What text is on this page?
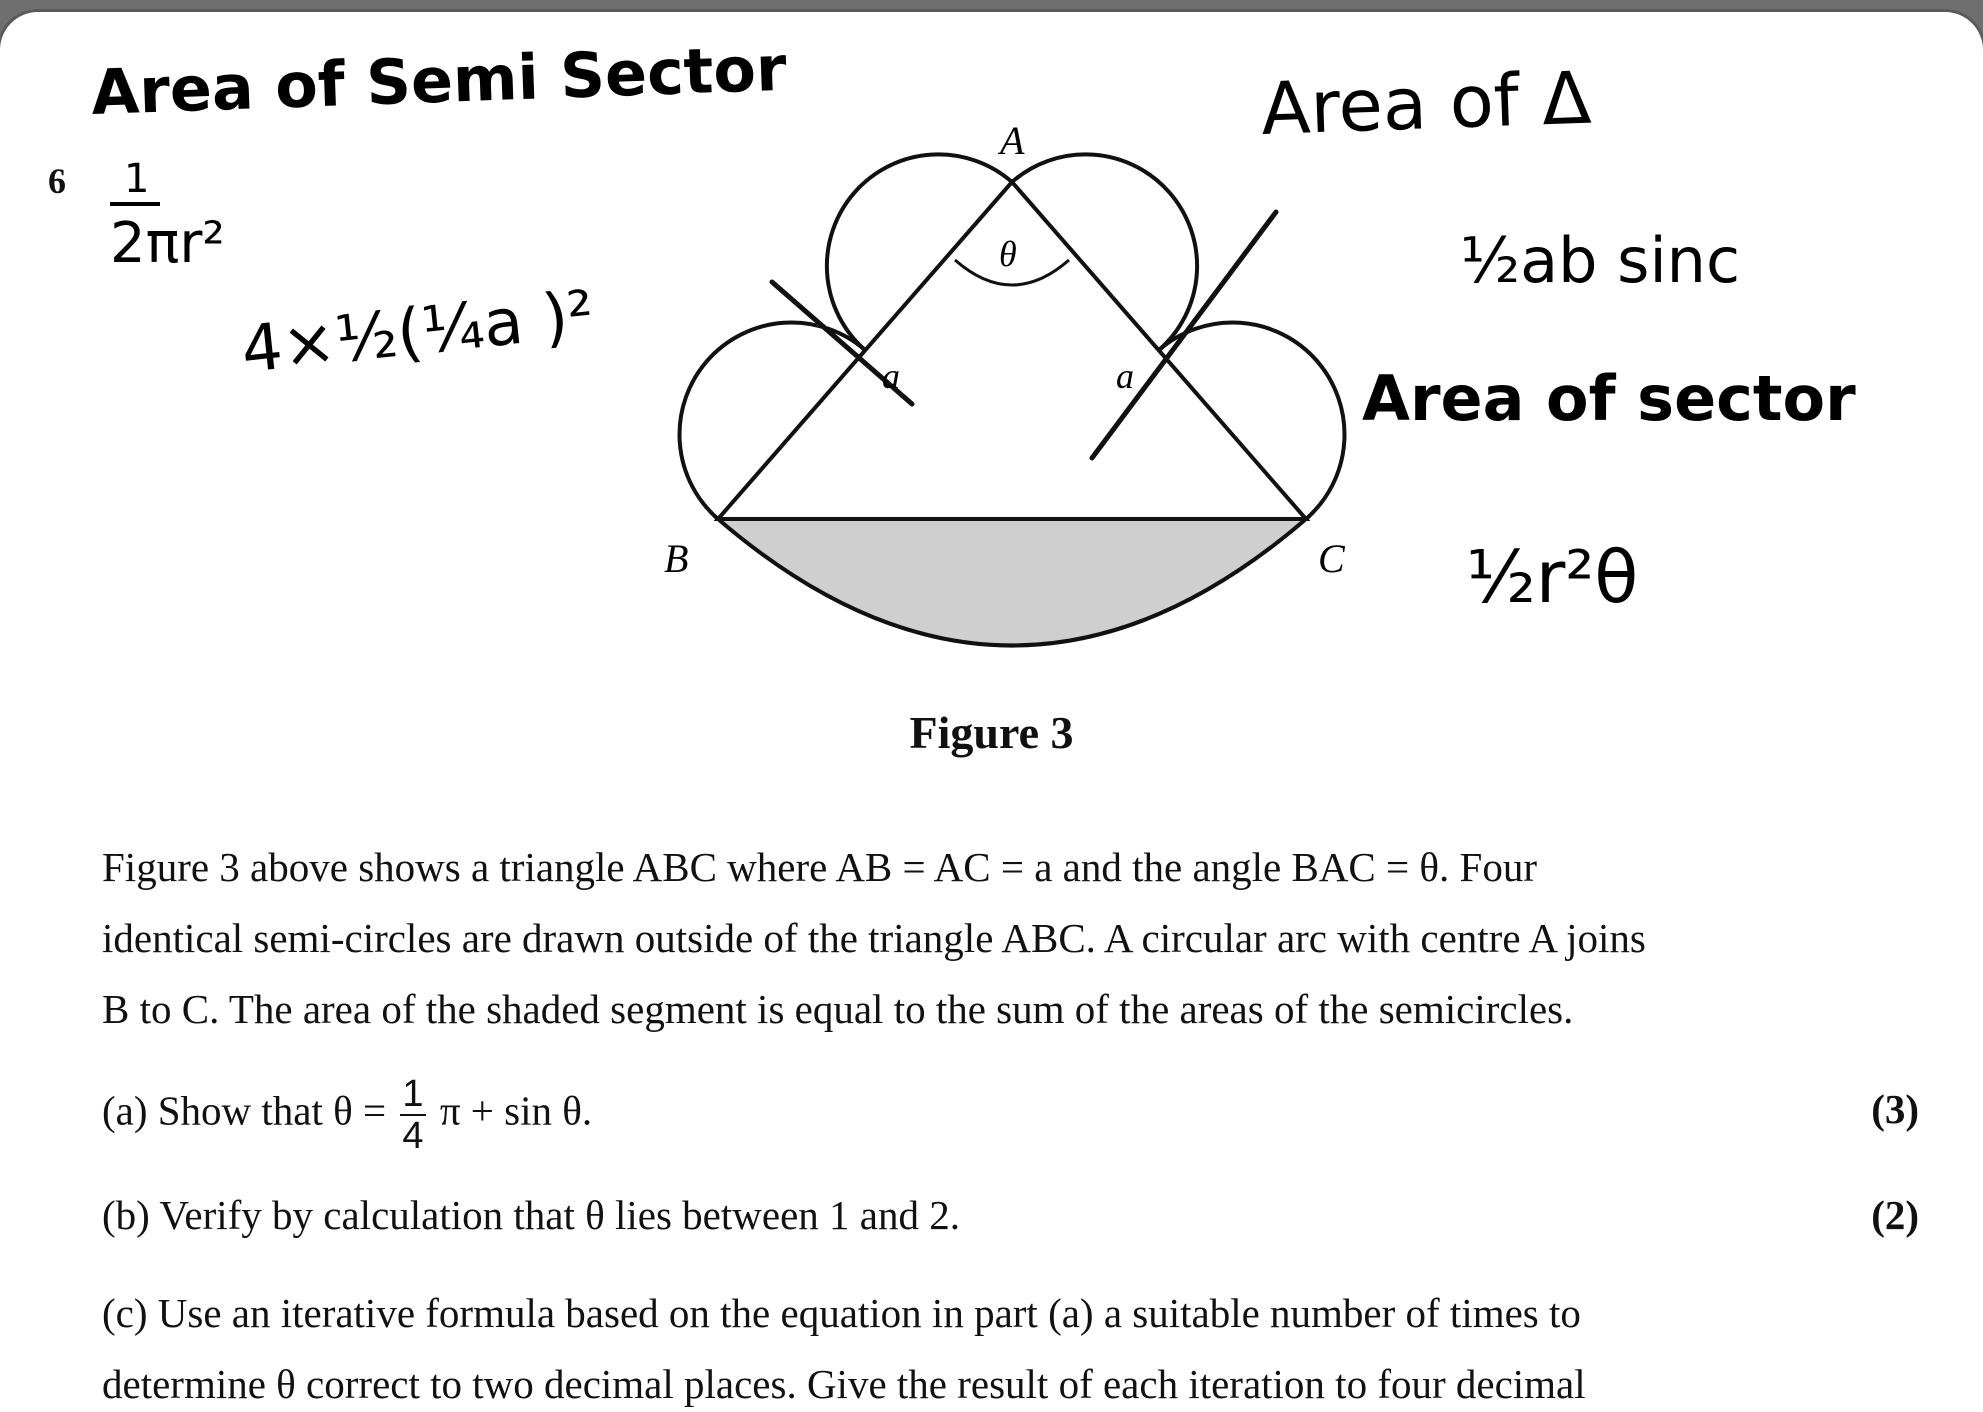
6
A
B	C
θ
a	a
Area of Semi Sector
1
2πr²
4×½(¼a )²
Area of Δ
½ab sinc
Area of sector
½r²θ
Figure 3
Figure 3 above shows a triangle ABC where AB = AC = a and the angle BAC = θ. Four
identical semi-circles are drawn outside of the triangle ABC. A circular arc with centre A joins
B to C. The area of the shaded segment is equal to the sum of the areas of the semicircles.
(a) Show that $\theta = \frac{1}{4}$ π + sin θ.	(3)
(b) Verify by calculation that θ lies between 1 and 2.	(2)
(c) Use an iterative formula based on the equation in part (a) a suitable number of times to
determine θ correct to two decimal places. Give the result of each iteration to four decimal
